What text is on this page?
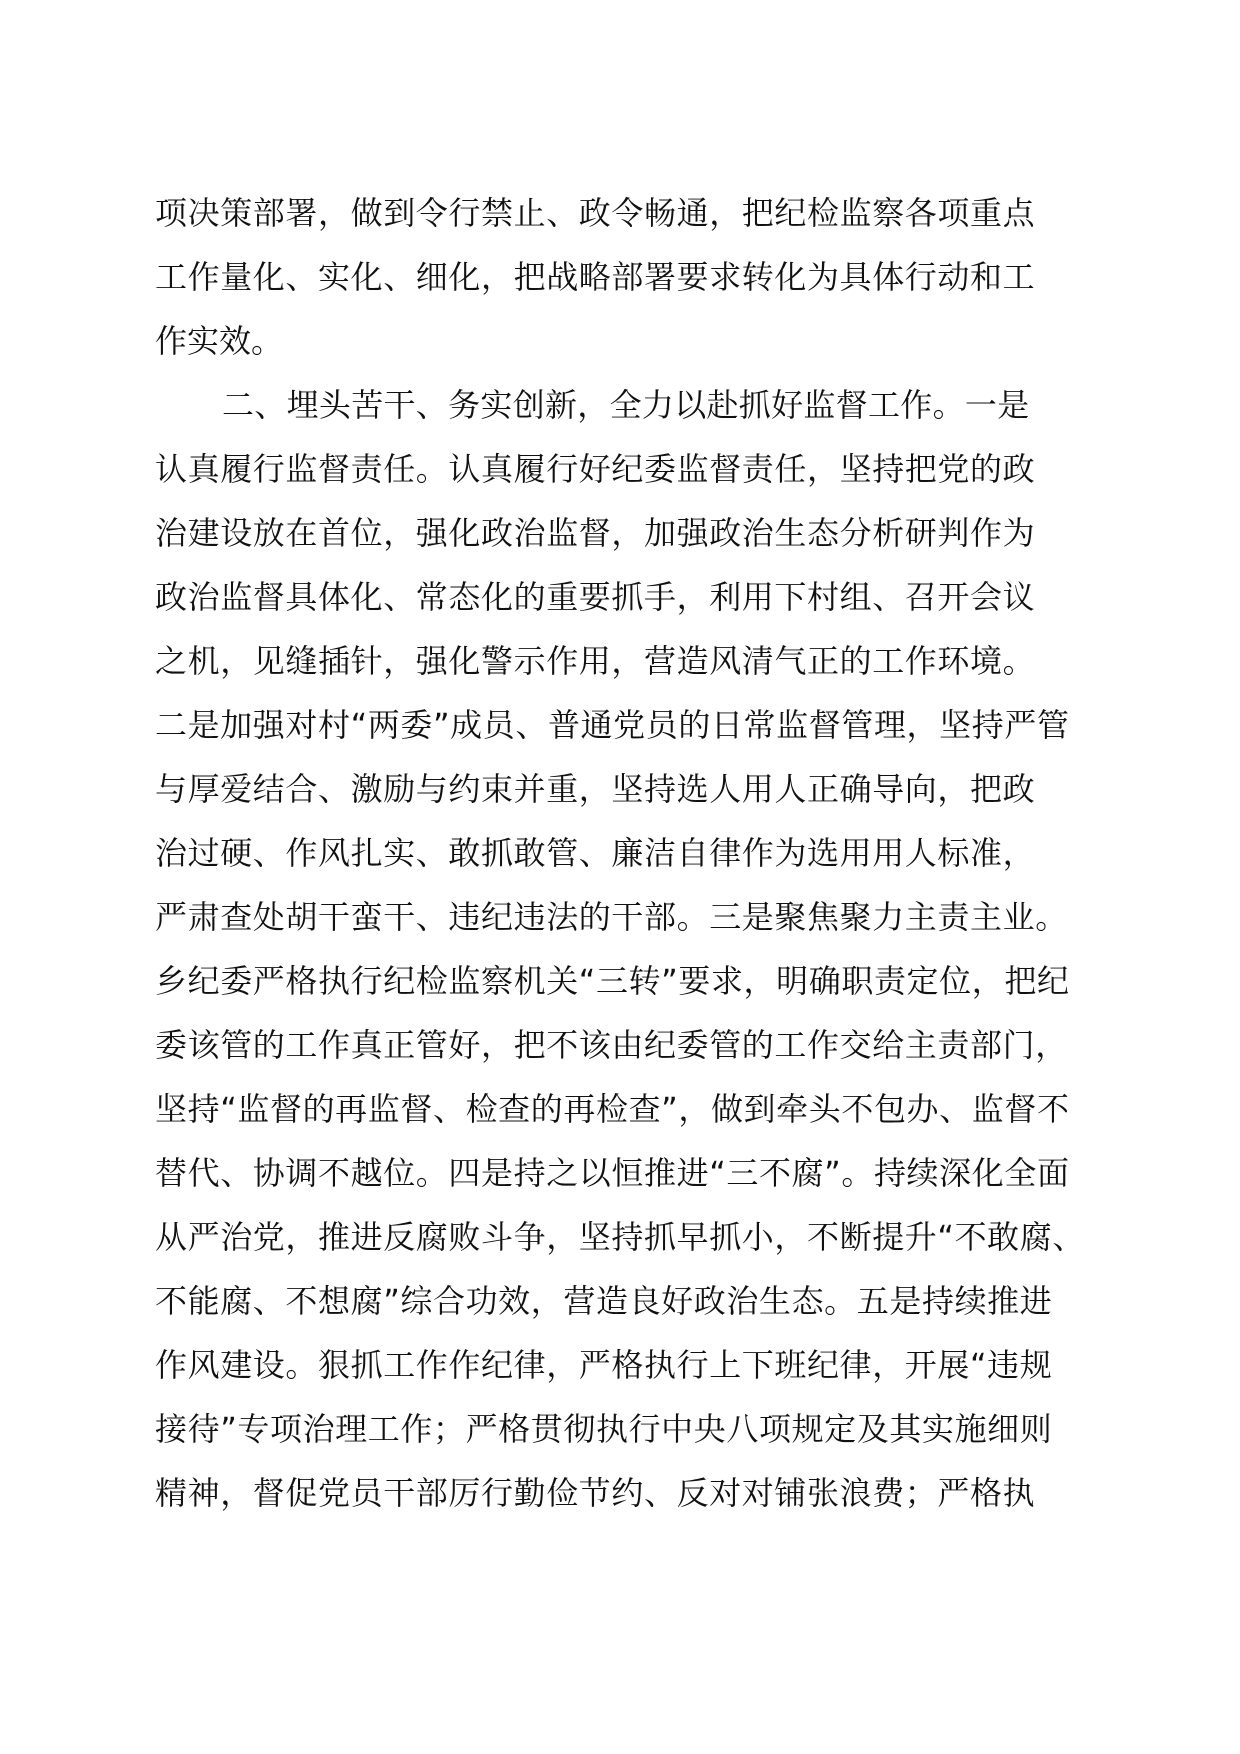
项决策部署，做到令行禁止、政令畅通，把纪检监察各项重点
工作量化、实化、细化，把战略部署要求转化为具体行动和工
作实效。
二、埋头苦干、务实创新，全力以赴抓好监督工作。一是
认真履行监督责任。认真履行好纪委监督责任，坚持把党的政
治建设放在首位，强化政治监督，加强政治生态分析研判作为
政治监督具体化、常态化的重要抓手，利用下村组、召开会议
之机，见缝插针，强化警示作用，营造风清气正的工作环境。
二是加强对村“两委”成员、普通党员的日常监督管理，坚持严管
与厚爱结合、激励与约束并重，坚持选人用人正确导向，把政
治过硬、作风扎实、敢抓敢管、廉洁自律作为选用用人标准，
严肃查处胡干蛮干、违纪违法的干部。三是聚焦聚力主责主业。
乡纪委严格执行纪检监察机关“三转”要求，明确职责定位，把纪
委该管的工作真正管好，把不该由纪委管的工作交给主责部门，
坚持“监督的再监督、检查的再检查”，做到牵头不包办、监督不
替代、协调不越位。四是持之以恒推进“三不腐”。持续深化全面
从严治党，推进反腐败斗争，坚持抓早抓小，不断提升“不敢腐、
不能腐、不想腐”综合功效，营造良好政治生态。五是持续推进
作风建设。狠抓工作作纪律，严格执行上下班纪律，开展“违规
接待”专项治理工作；严格贯彻执行中央八项规定及其实施细则
精神，督促党员干部厉行勤俭节约、反对对铺张浪费；严格执
